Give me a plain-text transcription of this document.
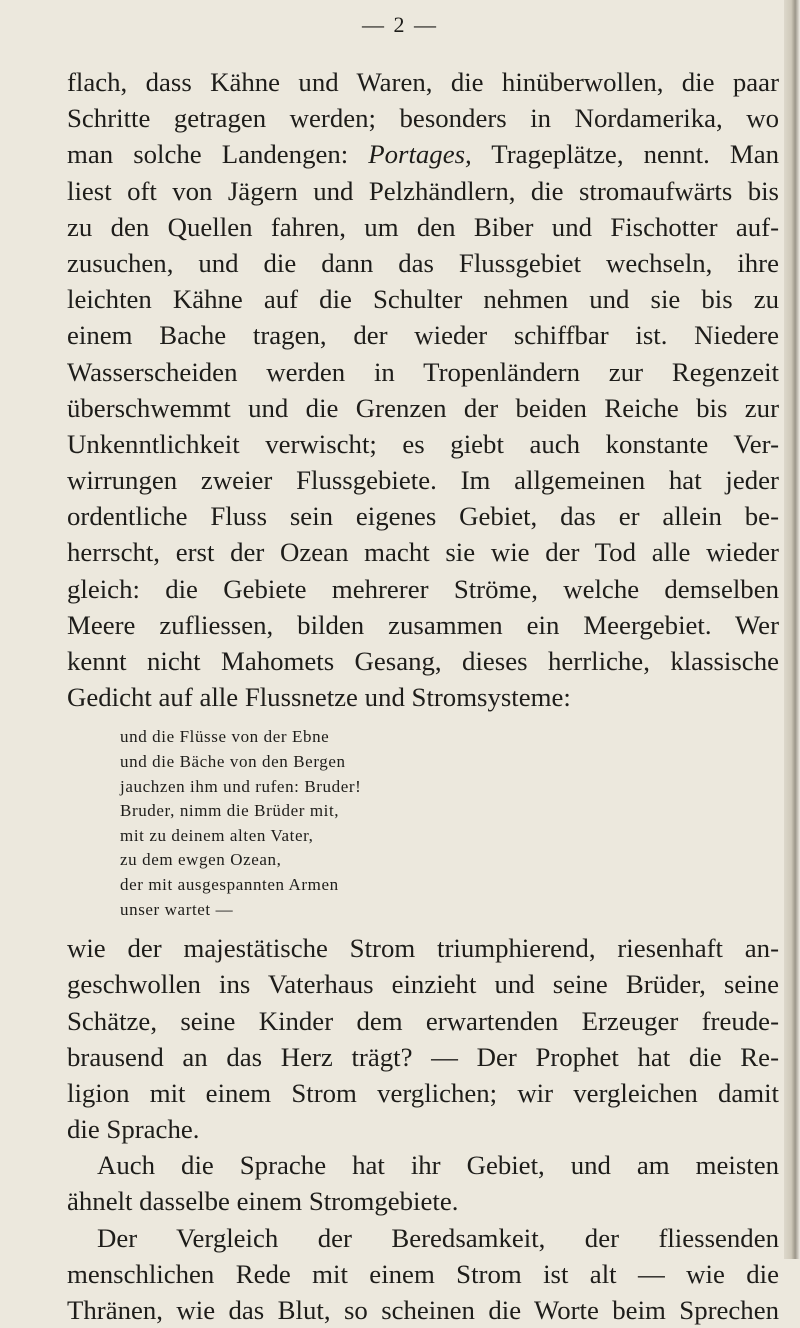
— 2 —
flach, dass Kähne und Waren, die hinüberwollen, die paar
Schritte getragen werden; besonders in Nordamerika, wo
man solche Landengen: Portages, Trageplätze, nennt. Man
liest oft von Jägern und Pelzhändlern, die stromaufwärts bis
zu den Quellen fahren, um den Biber und Fischotter auf-
zusuchen, und die dann das Flussgebiet wechseln, ihre
leichten Kähne auf die Schulter nehmen und sie bis zu
einem Bache tragen, der wieder schiffbar ist. Niedere
Wasserscheiden werden in Tropenländern zur Regenzeit
überschwemmt und die Grenzen der beiden Reiche bis zur
Unkenntlichkeit verwischt; es giebt auch konstante Ver-
wirrungen zweier Flussgebiete. Im allgemeinen hat jeder
ordentliche Fluss sein eigenes Gebiet, das er allein be-
herrscht, erst der Ozean macht sie wie der Tod alle wieder
gleich: die Gebiete mehrerer Ströme, welche demselben
Meere zufliessen, bilden zusammen ein Meergebiet. Wer
kennt nicht Mahomets Gesang, dieses herrliche, klassische
Gedicht auf alle Flussnetze und Stromsysteme:
und die Flüsse von der Ebne
und die Bäche von den Bergen
jauchzen ihm und rufen: Bruder!
Bruder, nimm die Brüder mit,
mit zu deinem alten Vater,
zu dem ewgen Ozean,
der mit ausgespannten Armen
unser wartet —
wie der majestätische Strom triumphierend, riesenhaft an-
geschwollen ins Vaterhaus einzieht und seine Brüder, seine
Schätze, seine Kinder dem erwartenden Erzeuger freude-
brausend an das Herz trägt? — Der Prophet hat die Re-
ligion mit einem Strom verglichen; wir vergleichen damit
die Sprache.
Auch die Sprache hat ihr Gebiet, und am meisten
ähnelt dasselbe einem Stromgebiete.
Der Vergleich der Beredsamkeit, der fliessenden
menschlichen Rede mit einem Strom ist alt — wie die
Thränen, wie das Blut, so scheinen die Worte beim Sprechen
